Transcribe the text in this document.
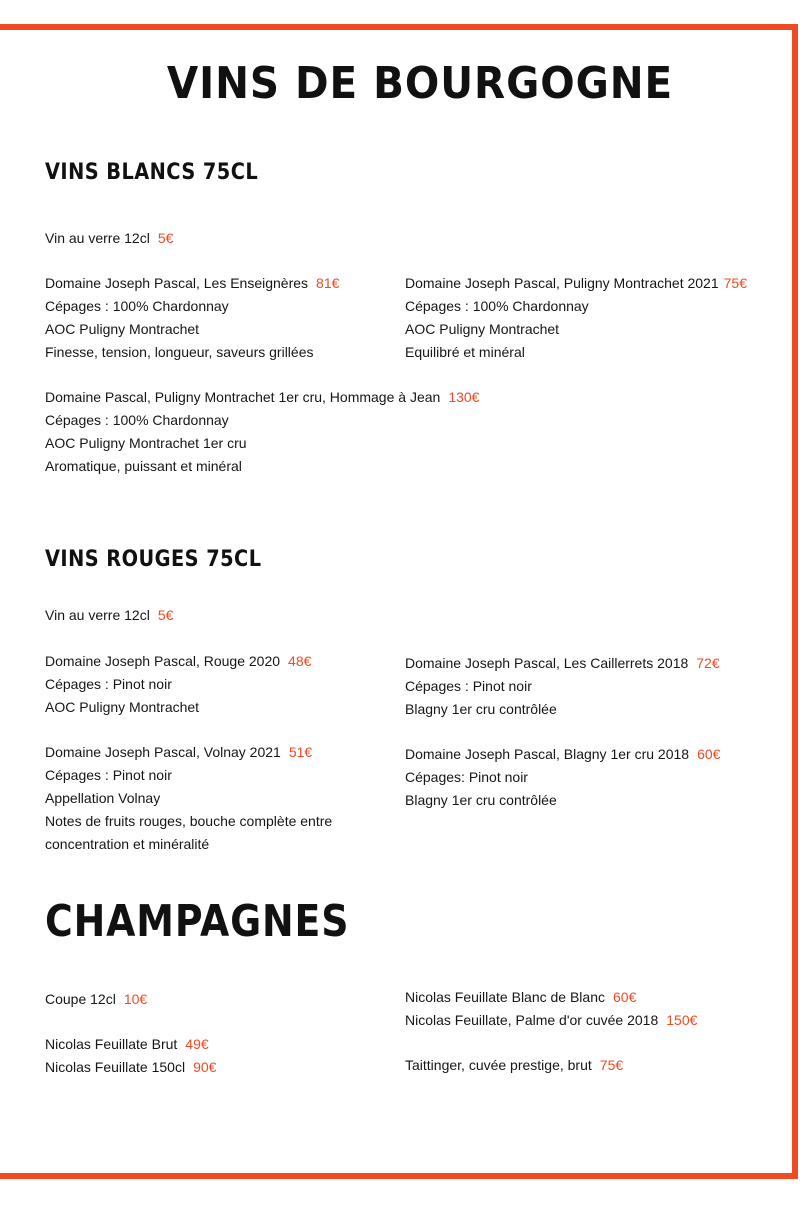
VINS DE BOURGOGNE
VINS BLANCS 75CL
Vin au verre 12cl 5€
Domaine Joseph Pascal, Les Enseignères 81€
Cépages : 100% Chardonnay
AOC Puligny Montrachet
Finesse, tension, longueur, saveurs grillées
Domaine Joseph Pascal, Puligny Montrachet 2021 75€
Cépages : 100% Chardonnay
AOC Puligny Montrachet
Equilibré et minéral
Domaine Pascal, Puligny Montrachet 1er cru, Hommage à Jean 130€
Cépages : 100% Chardonnay
AOC Puligny Montrachet 1er cru
Aromatique, puissant et minéral
VINS ROUGES 75CL
Vin au verre 12cl 5€
Domaine Joseph Pascal, Rouge 2020 48€
Cépages : Pinot noir
AOC Puligny Montrachet
Domaine Joseph Pascal, Les Caillerrets 2018 72€
Cépages : Pinot noir
Blagny 1er cru contrôlée
Domaine Joseph Pascal, Volnay 2021 51€
Cépages : Pinot noir
Appellation Volnay
Notes de fruits rouges, bouche complète entre
concentration et minéralité
Domaine Joseph Pascal, Blagny 1er cru 2018 60€
Cépages: Pinot noir
Blagny 1er cru contrôlée
CHAMPAGNES
Coupe 12cl 10€
Nicolas Feuillate Brut 49€
Nicolas Feuillate 150cl 90€
Nicolas Feuillate Blanc de Blanc 60€
Nicolas Feuillate, Palme d'or cuvée 2018 150€
Taittinger, cuvée prestige, brut 75€
